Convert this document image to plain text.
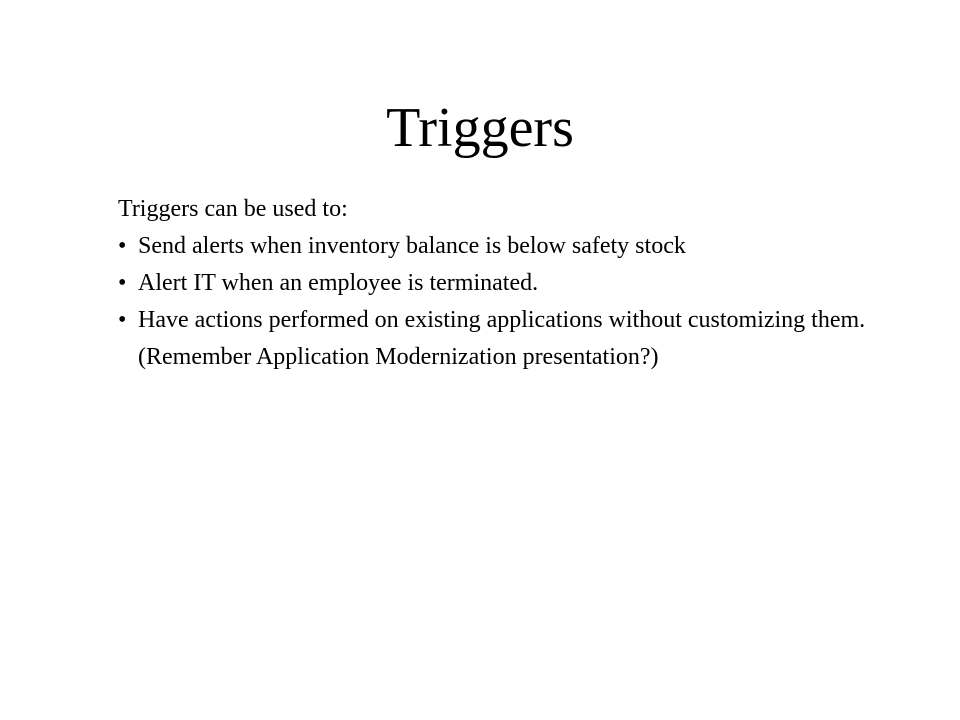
Triggers

Triggers can be used to:

• Send alerts when inventory balance is below safety stock
• Alert IT when an employee is terminated.
• Have actions performed on existing applications without customizing them. (Remember Application Modernization presentation?)
